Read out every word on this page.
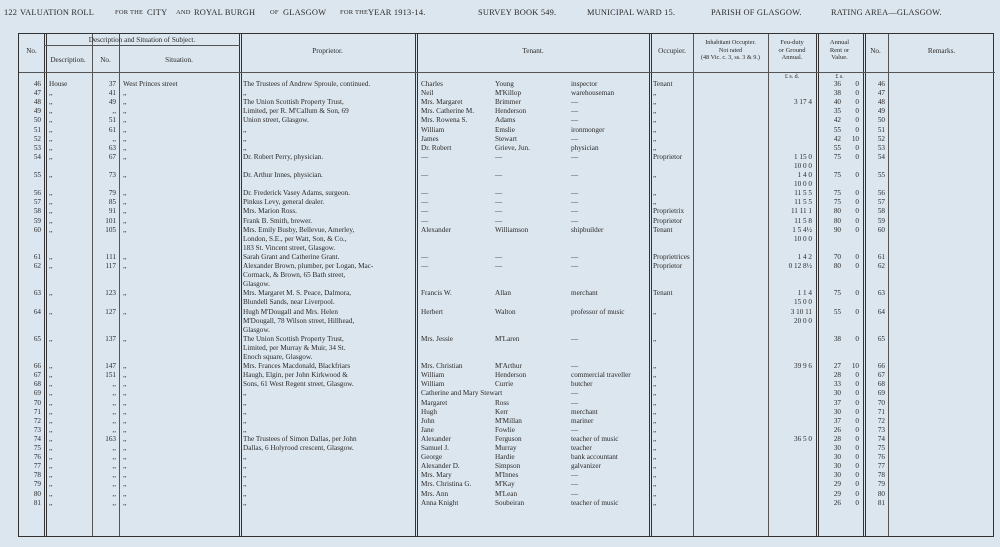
122 VALUATION ROLL	FOR THE CITY AND ROYAL BURGH OF GLASGOW FOR THE YEAR 1913-14.	SURVEY BOOK 549.	MUNICIPAL WARD 15.	PARISH OF GLASGOW.	RATING AREA—GLASGOW.
No.
Description and Situation of Subject.
Description.	No.	Situation.
Proprietor.	Tenant.	Occupier.
Inhabitant Occupier.
Not rated
(48 Vic. c. 3, ss. 3 & 9.)
Feu-duty
or Ground
Annual.
£ s. d.
Annual
Rent or
Value.
£ s.
No.	Remarks.
46 House	37 West Princes street	The Trustees of Andrew Sproule, continued.	Charles	Young	inspector	Tenant	36	0	46
47 ,,	41 ,,	,,	Neil	M'Killop	warehouseman	,,	38	0	47
48 ,,	49 ,,	The Union Scottish Property Trust,	Mrs. Margaret	Brimmer	—	,,	3 17 4	40	0	48
49 ,,	,, ,,	Limited, per R. M'Callum & Son, 69	Mrs. Catherine M.	Henderson	—	,,	35	0	49
50 ,,	51 ,,	Union street, Glasgow.	Mrs. Rowena S.	Adams	—	,,	42	0	50
51 ,,	61 ,,	,,	William	Emslie	ironmonger	,,	55	0	51
52 ,,	,, ,,	,,	James	Stewart	—	,,	42	10	52
53 ,,	63 ,,	,,	Dr. Robert	Grieve, Jun.	physician	,,	55	0	53
54 ,,	67 ,,	Dr. Robert Perry, physician.	—	—	—	Proprietor	1 15 0	75	0	54
10 0 0
55 ,,	73 ,,	Dr. Arthur Innes, physician.	—	—	—	,,	1 4 0	75	0	55
10 0 0
56 ,,	79 ,,	Dr. Frederick Vasey Adams, surgeon.	—	—	—	,,	11 5 5	75	0	56
57 ,,	85 ,,	Pinkus Levy, general dealer.	—	—	—	,,	11 5 5	75	0	57
58 ,,	91 ,,	Mrs. Marion Ross.	—	—	—	Proprietrix	11 11 1	80	0	58
59 ,,	101 ,,	Frank B. Smith, brewer.	—	—	—	Proprietor	11 5 8	80	0	59
60 ,,	105 ,,	Mrs. Emily Busby, Bellevue, Amerley,	Alexander	Williamson	shipbuilder	Tenant	1 5 4½	90	0	60
London, S.E., per Watt, Son, & Co.,	10 0 0
183 St. Vincent street, Glasgow.
61 ,,	111 ,,	Sarah Grant and Catherine Grant.	—	—	—	Proprietrices	1 4 2	70	0	61
62 ,,	117 ,,	Alexander Brown, plumber, per Logan, Mac-	—	—	—	Proprietor	0 12 8½	80	0	62
Cormack, & Brown, 65 Bath street,
Glasgow.
63 ,,	123 ,,	Mrs. Margaret M. S. Peace, Dalmora,	Francis W.	Allan	merchant	Tenant	1 1 4	75	0	63
Blundell Sands, near Liverpool.	15 0 0
64 ,,	127 ,,	Hugh M'Dougall and Mrs. Helen	Herbert	Walton	professor of music	,,	3 10 11	55	0	64
M'Dougall, 78 Wilson street, Hillhead,	20 0 0
Glasgow.
65 ,,	137 ,,	The Union Scottish Property Trust,	Mrs. Jessie	M'Laren	—	,,	38	0	65
Limited, per Murray & Muir, 34 St.
Enoch square, Glasgow.
66 ,,	147 ,,	Mrs. Frances Macdonald, Blackfriars	Mrs. Christian	M'Arthur	—	,,	39 9 6	27	10	66
67 ,,	151 ,,	Haugh, Elgin, per John Kirkwood &	William	Henderson	commercial traveller	,,	28	0	67
68 ,,	,, ,,	Sons, 61 West Regent street, Glasgow.	William	Currie	butcher	,,	33	0	68
69 ,,	,, ,,	,,	Catherine and Mary Stewart	—	,,	30	0	69
70 ,,	,, ,,	,,	Margaret	Ross	—	,,	37	0	70
71 ,,	,, ,,	,,	Hugh	Kerr	merchant	,,	30	0	71
72 ,,	,, ,,	,,	John	M'Millan	mariner	,,	37	0	72
73 ,,	,, ,,	,,	Jane	Fowlie	—	,,	26	0	73
74 ,,	163 ,,	The Trustees of Simon Dallas, per John	Alexander	Ferguson	teacher of music	,,	36 5 0	28	0	74
75 ,,	,, ,,	Dallas, 6 Holyrood crescent, Glasgow.	Samuel J.	Murray	teacher	,,	30	0	75
76 ,,	,, ,,	,,	George	Hardie	bank accountant	,,	30	0	76
77 ,,	,, ,,	,,	Alexander D.	Simpson	galvanizer	,,	30	0	77
78 ,,	,, ,,	,,	Mrs. Mary	M'Innes	—	,,	30	0	78
79 ,,	,, ,,	,,	Mrs. Christina G.	M'Kay	—	,,	29	0	79
80 ,,	,, ,,	,,	Mrs. Ann	M'Lean	—	,,	29	0	80
81 ,,	,, ,,	,,	Anna Knight	Soubeiran	teacher of music	,,	26	0	81
